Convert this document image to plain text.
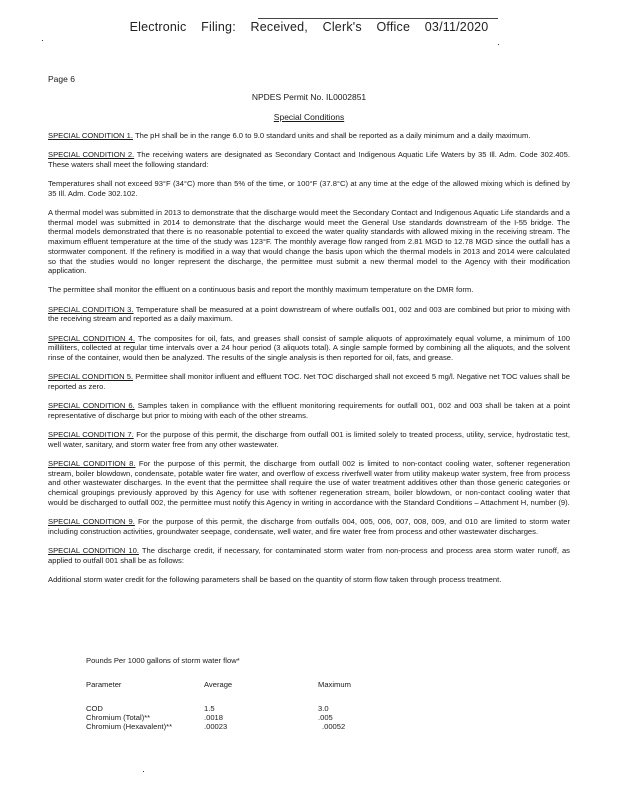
Electronic Filing: Received, Clerk's Office 03/11/2020
Page 6
NPDES Permit No. IL0002851
Special Conditions

SPECIAL CONDITION 1. The pH shall be in the range 6.0 to 9.0 standard units and shall be reported as a daily minimum and a daily maximum.

SPECIAL CONDITION 2. The receiving waters are designated as Secondary Contact and Indigenous Aquatic Life Waters by 35 Ill. Adm. Code 302.405. These waters shall meet the following standard:

Temperatures shall not exceed 93°F (34°C) more than 5% of the time, or 100°F (37.8°C) at any time at the edge of the allowed mixing which is defined by 35 Ill. Adm. Code 302.102.

A thermal model was submitted in 2013 to demonstrate that the discharge would meet the Secondary Contact and Indigenous Aquatic Life standards and a thermal model was submitted in 2014 to demonstrate that the discharge would meet the General Use standards downstream of the I-55 bridge. The thermal models demonstrated that there is no reasonable potential to exceed the water quality standards with allowed mixing in the receiving stream. The maximum effluent temperature at the time of the study was 123°F. The monthly average flow ranged from 2.81 MGD to 12.78 MGD since the outfall has a stormwater component. If the refinery is modified in a way that would change the basis upon which the thermal models in 2013 and 2014 were calculated so that the studies would no longer represent the discharge, the permittee must submit a new thermal model to the Agency with their modification application.

The permittee shall monitor the effluent on a continuous basis and report the monthly maximum temperature on the DMR form.

SPECIAL CONDITION 3. Temperature shall be measured at a point downstream of where outfalls 001, 002 and 003 are combined but prior to mixing with the receiving stream and reported as a daily maximum.

SPECIAL CONDITION 4. The composites for oil, fats, and greases shall consist of sample aliquots of approximately equal volume, a minimum of 100 milliliters, collected at regular time intervals over a 24 hour period (3 aliquots total). A single sample formed by combining all the aliquots, and the solvent rinse of the container, would then be analyzed. The results of the single analysis is then reported for oil, fats, and grease.

SPECIAL CONDITION 5. Permittee shall monitor influent and effluent TOC. Net TOC discharged shall not exceed 5 mg/l. Negative net TOC values shall be reported as zero.

SPECIAL CONDITION 6. Samples taken in compliance with the effluent monitoring requirements for outfall 001, 002 and 003 shall be taken at a point representative of discharge but prior to mixing with each of the other streams.

SPECIAL CONDITION 7. For the purpose of this permit, the discharge from outfall 001 is limited solely to treated process, utility, service, hydrostatic test, well water, sanitary, and storm water free from any other wastewater.

SPECIAL CONDITION 8. For the purpose of this permit, the discharge from outfall 002 is limited to non-contact cooling water, softener regeneration stream, boiler blowdown, condensate, potable water fire water, and overflow of excess riverfwell water from utility makeup water system, free from process and other wastewater discharges. In the event that the permittee shall require the use of water treatment additives other than those generic categories or chemical groupings previously approved by this Agency for use with softener regeneration stream, boiler blowdown, or non-contact cooling water that would be discharged to outfall 002, the permittee must notify this Agency in writing in accordance with the Standard Conditions – Attachment H, number (9).

SPECIAL CONDITION 9. For the purpose of this permit, the discharge from outfalls 004, 005, 006, 007, 008, 009, and 010 are limited to storm water including construction activities, groundwater seepage, condensate, well water, and fire water free from process and other wastewater discharges.

SPECIAL CONDITION 10. The discharge credit, if necessary, for contaminated storm water from non-process and process area storm water runoff, as applied to outfall 001 shall be as follows:

Additional storm water credit for the following parameters shall be based on the quantity of storm flow taken through process treatment.

Pounds Per 1000 gallons of storm water flow*
Parameter	Average	Maximum
COD	1.5	3.0
Chromium (Total)**	.0018	.005
Chromium (Hexavalent)**	.00023	.00052
